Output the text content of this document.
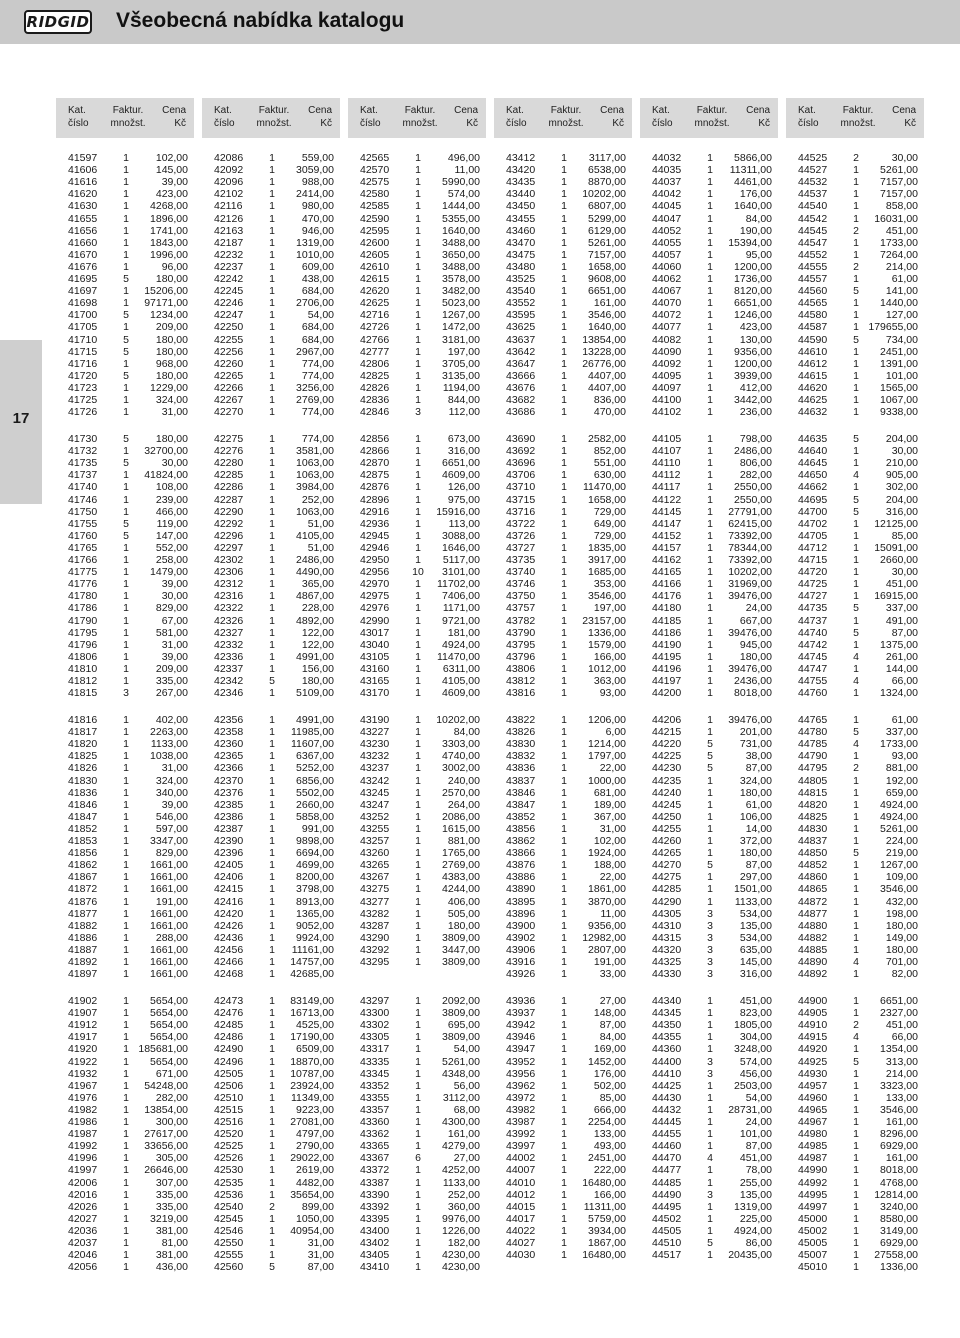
RIDGID Všeobecná nabídka katalogu
17
Kat.
číslo
Faktur.
množst.
Cena
Kč
41597 1	102,00
41606 1	145,00
41616 1	39,00
41620 1	423,00
41630 1	4268,00
41655 1	1896,00
41656 1	1741,00
41660 1	1843,00
41670 1	1996,00
41676 1	96,00
41695 5	180,00
41697 1	15206,00
41698 1	97171,00
41700 5	1234,00
41705 1	209,00
41710 5	180,00
41715 5	180,00
41716 1	968,00
41720 5	180,00
41723 1	1229,00
41725 1	324,00
41726 1	31,00
41730 5	180,00
41732 1	32700,00
41735 5	30,00
41737 1	41824,00
41740 1	108,00
41746 1	239,00
41750 1	466,00
41755 5	119,00
41760 5	147,00
41765 1	552,00
41766 1	258,00
41775 1	1479,00
41776 1	39,00
41780 1	30,00
41786 1	829,00
41790 1	67,00
41795 1	581,00
41796 1	31,00
41806 1	39,00
41810 1	209,00
41812 1	335,00
41815 3	267,00
41816 1	402,00
41817 1	2263,00
41820 1	1133,00
41825 1	1038,00
41826 1	31,00
41830 1	324,00
41836 1	340,00
41846 1	39,00
41847 1	546,00
41852 1	597,00
41853 1	3347,00
41856 1	829,00
41862 1	1661,00
41867 1	1661,00
41872 1	1661,00
41876 1	191,00
41877 1	1661,00
41882 1	1661,00
41886 1	288,00
41887 1	1661,00
41892 1	1661,00
41897 1	1661,00
41902 1	5654,00
41907 1	5654,00
41912 1	5654,00
41917 1	5654,00
41920 1 185681,00
41922 1	5654,00
41932 1	671,00
41967 1	54248,00
41976 1	282,00
41982 1	13854,00
41986 1	300,00
41987 1	27617,00
41992 1	33656,00
41996 1	305,00
41997 1	26646,00
42006 1	307,00
42016 1	335,00
42026 1	335,00
42027 1	3219,00
42036 1	381,00
42037 1	81,00
42046 1	381,00
42056 1	436,00
Kat.
číslo
Faktur.
množst.
Cena
Kč
42086 1	559,00
42092 1	3059,00
42096 1	988,00
42102 1	2414,00
42116	1	980,00
42126 1	470,00
42163 1	946,00
42187 1	1319,00
42232 1	1010,00
42237 1	609,00
42242 1	438,00
42245 1	684,00
42246 1	2706,00
42247 1	54,00
42250 1	684,00
42255 1	684,00
42256 1	2967,00
42260 1	774,00
42265 1	774,00
42266 1	3256,00
42267 1	2769,00
42270 1	774,00
42275 1	774,00
42276 1	3581,00
42280 1	1063,00
42285 1	1063,00
42286 1	3984,00
42287 1	252,00
42290 1	1063,00
42292 1	51,00
42296 1	4105,00
42297 1	51,00
42302 1	2486,00
42306 1	4490,00
42312 1	365,00
42316 1	4867,00
42322 1	228,00
42326 1	4892,00
42327 1	122,00
42332 1	122,00
42336 1	4991,00
42337 1	156,00
42342 5	180,00
42346 1	5109,00
42356 1	4991,00
42358 1	11985,00
42360 1	11607,00
42365 1	6367,00
42366 1	5252,00
42370 1	6856,00
42376 1	5502,00
42385 1	2660,00
42386 1	5858,00
42387 1	991,00
42390 1	9898,00
42396 1	6694,00
42405 1	4699,00
42406 1	8200,00
42415 1	3798,00
42416 1	8913,00
42420 1	1365,00
42426 1	9052,00
42436 1	9924,00
42456 1	11161,00
42466 1	14757,00
42468 1	42685,00
42473 1	83149,00
42476 1	16713,00
42485 1	4525,00
42486 1	17190,00
42490 1	6509,00
42496 1	18870,00
42505 1	10787,00
42506 1	23924,00
42510 1	11349,00
42515 1	9223,00
42516 1	27081,00
42520 1	4797,00
42525 1	2790,00
42526 1	29022,00
42530 1	2619,00
42535 1	4482,00
42536 1	35654,00
42540 2	899,00
42545 1	1050,00
42546 1	40954,00
42550 1	31,00
42555 1	31,00
42560 5	87,00
Kat.
číslo
Faktur.
množst.
Cena
Kč
42565 1	496,00
42570 1	11,00
42575 1	5990,00
42580 1	574,00
42585 1	1444,00
42590 1	5355,00
42595 1	1640,00
42600 1	3488,00
42605 1	3650,00
42610 1	3488,00
42615 1	3578,00
42620 1	3482,00
42625 1	5023,00
42716 1	1267,00
42726 1	1472,00
42766 1	3181,00
42777 1	197,00
42806 1	3705,00
42825 1	3135,00
42826 1	1194,00
42836 1	844,00
42846 3	112,00
42856 1	673,00
42866 1	316,00
42870 1	6651,00
42875 1	4609,00
42876 1	126,00
42896 1	975,00
42916 1	15916,00
42936 1	113,00
42945 1	3088,00
42946 1	1646,00
42950 1	5117,00
42956 10	3101,00
42970 1	11702,00
42975 1	7406,00
42976 1	1171,00
42990 1	9721,00
43017 1	181,00
43040 1	4924,00
43105 1	11470,00
43160 1	6311,00
43165 1	4105,00
43170 1	4609,00
43190 1	10202,00
43227 1	84,00
43230 1	3303,00
43232 1	4740,00
43237 1	3002,00
43242 1	240,00
43245 1	2570,00
43247 1	264,00
43252 1	2086,00
43255 1	1615,00
43257 1	881,00
43260 1	1765,00
43265 1	2769,00
43267 1	4383,00
43275 1	4244,00
43277 1	406,00
43282 1	505,00
43287 1	180,00
43290 1	3809,00
43292 1	3447,00
43295 1	3809,00
43297 1	2092,00
43300 1	3809,00
43302 1	695,00
43305 1	3809,00
43317 1	54,00
43335 1	5261,00
43345 1	4348,00
43352 1	56,00
43355 1	3112,00
43357 1	68,00
43360 1	4300,00
43362 1	161,00
43365 1	4279,00
43367 6	27,00
43372 1	4252,00
43387 1	1133,00
43390 1	252,00
43392 1	360,00
43395 1	9976,00
43400 1	1226,00
43402 1	182,00
43405 1	4230,00
43410 1	4230,00
Kat.
číslo
Faktur.
množst.
Cena
Kč
43412 1	3117,00
43420 1	6538,00
43435 1	8870,00
43440 1	10202,00
43450 1	6807,00
43455 1	5299,00
43460 1	6129,00
43470 1	5261,00
43475 1	7157,00
43480 1	1658,00
43525 1	9608,00
43540 1	6651,00
43552 1	161,00
43595 1	3546,00
43625 1	1640,00
43637 1	13854,00
43642 1	13228,00
43647 1	26776,00
43666 1	4407,00
43676 1	4407,00
43682 1	836,00
43686 1	470,00
43690 1	2582,00
43692 1	852,00
43696 1	551,00
43706 1	630,00
43710 1	11470,00
43715 1	1658,00
43716 1	729,00
43722 1	649,00
43726 1	729,00
43727 1	1835,00
43735 1	3917,00
43740 1	1685,00
43746 1	353,00
43750 1	3546,00
43757 1	197,00
43782 1	23157,00
43790 1	1336,00
43795 1	1579,00
43796 1	166,00
43806 1	1012,00
43812 1	363,00
43816 1	93,00
43822 1	1206,00
43826 1	6,00
43830 1	1214,00
43832 1	1797,00
43836 1	22,00
43837 1	1000,00
43846 1	681,00
43847 1	189,00
43852 1	367,00
43856 1	31,00
43862 1	102,00
43866 1	1924,00
43876 1	188,00
43886 1	22,00
43890 1	1861,00
43895 1	3870,00
43896 1	11,00
43900 1	9356,00
43902 1	12982,00
43906 1	2807,00
43916 1	191,00
43926 1	33,00
43936 1	27,00
43937 1	148,00
43942 1	87,00
43946 1	84,00
43947 1	169,00
43952 1	1452,00
43956 1	176,00
43962 1	502,00
43972 1	85,00
43982 1	666,00
43987 1	2254,00
43992 1	133,00
43997 1	493,00
44002 1	2451,00
44007 1	222,00
44010 1	16480,00
44012 1	166,00
44015 1	11311,00
44017 1	5759,00
44022 1	3934,00
44027 1	1867,00
44030 1	16480,00
Kat.
číslo
Faktur.
množst.
Cena
Kč
44032 1	5866,00
44035 1	11311,00
44037 1	4461,00
44042 1	176,00
44045 1	1640,00
44047 1	84,00
44052 1	190,00
44055 1	15394,00
44057 1	95,00
44060 1	1200,00
44062 1	1736,00
44067 1	8120,00
44070 1	6651,00
44072 1	1246,00
44077 1	423,00
44082 1	130,00
44090 1	9356,00
44092 1	1200,00
44095 1	3939,00
44097 1	412,00
44100 1	3442,00
44102 1	236,00
44105 1	798,00
44107 1	2486,00
44110	1	806,00
44112	1	282,00
44117	1	2550,00
44122 1	2550,00
44145 1	27791,00
44147 1	62415,00
44152 1	73392,00
44157 1	78344,00
44162 1	73392,00
44165 1	10202,00
44166 1	31969,00
44176 1	39476,00
44180 1	24,00
44185 1	667,00
44186 1	39476,00
44190 1	945,00
44195 1	180,00
44196 1	39476,00
44197 1	2436,00
44200 1	8018,00
44206 1	39476,00
44215 1	201,00
44220 5	731,00
44225 5	38,00
44230 5	87,00
44235 1	324,00
44240 1	180,00
44245 1	61,00
44250 1	106,00
44255 1	14,00
44260 1	372,00
44265 1	180,00
44270 5	87,00
44275 1	297,00
44285 1	1501,00
44290 1	1133,00
44305 3	534,00
44310 3	135,00
44315 3	534,00
44320 3	635,00
44325 3	145,00
44330 3	316,00
44340 1	451,00
44345 1	823,00
44350 1	1805,00
44355 1	304,00
44360 1	3248,00
44400 3	574,00
44410 3	456,00
44425 1	2503,00
44430 1	54,00
44432 1	28731,00
44445 1	24,00
44455 1	101,00
44460 1	87,00
44470 4	451,00
44477 1	78,00
44485 1	255,00
44490 3	135,00
44495 1	1319,00
44502 1	225,00
44505 1	4924,00
44510 5	86,00
44517 1	20435,00
Kat.
číslo
Faktur.
množst.
Cena
Kč
44525 2	30,00
44527 1	5261,00
44532 1	7157,00
44537 1	7157,00
44540 1	858,00
44542 1	16031,00
44545 2	451,00
44547 1	1733,00
44552 1	7264,00
44555 2	214,00
44557 1	61,00
44560 5	141,00
44565 1	1440,00
44580 1	127,00
44587 1 179655,00
44590 5	734,00
44610 1	2451,00
44612 1	1391,00
44615 1	101,00
44620 1	1565,00
44625 1	1067,00
44632 1	9338,00
44635 5	204,00
44640 1	30,00
44645 1	210,00
44650 4	905,00
44662 1	302,00
44695 5	204,00
44700 5	316,00
44702 1	12125,00
44705 1	85,00
44712 1	15091,00
44715 1	2660,00
44720 1	30,00
44725 1	451,00
44727 1	16915,00
44735 5	337,00
44737 1	491,00
44740 5	87,00
44742 1	1375,00
44745 4	261,00
44747 1	144,00
44755 4	66,00
44760 1	1324,00
44765 1	61,00
44780 5	337,00
44785 4	1733,00
44790 1	93,00
44795 2	881,00
44805 1	192,00
44815 1	659,00
44820 1	4924,00
44825 1	4924,00
44830 1	5261,00
44837 1	224,00
44850 5	219,00
44852 1	1267,00
44860 1	109,00
44865 1	3546,00
44872 1	432,00
44877 1	198,00
44880 1	180,00
44882 1	149,00
44885 1	180,00
44890 4	701,00
44892 1	82,00
44900 1	6651,00
44905 1	2327,00
44910 2	451,00
44915 4	66,00
44920 1	1354,00
44925 5	313,00
44930 1	214,00
44957 1	3323,00
44960 1	133,00
44965 1	3546,00
44967 1	161,00
44980 1	8296,00
44985 1	6929,00
44987 1	161,00
44990 1	8018,00
44992 1	4768,00
44995 1	12814,00
44997 1	3240,00
45000 1	8580,00
45002 1	3149,00
45005 1	6929,00
45007 1	27558,00
45010 1	1336,00
